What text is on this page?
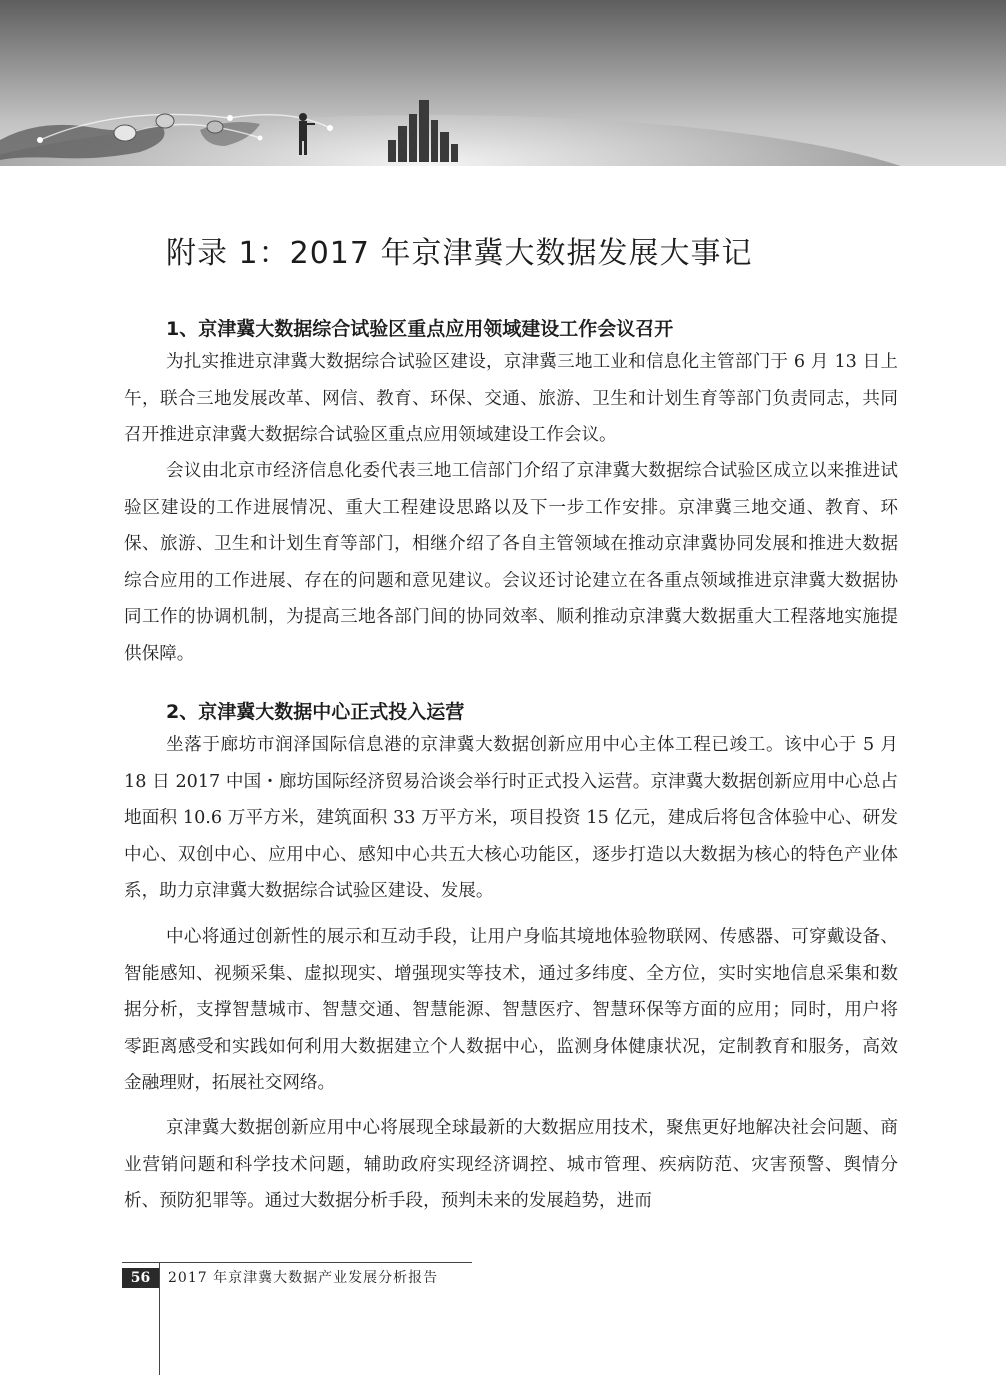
附录 1：2017 年京津冀大数据发展大事记
1、京津冀大数据综合试验区重点应用领域建设工作会议召开

为扎实推进京津冀大数据综合试验区建设，京津冀三地工业和信息化主管部门于 6 月 13 日上午，联合三地发展改革、网信、教育、环保、交通、旅游、卫生和计划生育等部门负责同志，共同召开推进京津冀大数据综合试验区重点应用领域建设工作会议。

会议由北京市经济信息化委代表三地工信部门介绍了京津冀大数据综合试验区成立以来推进试验区建设的工作进展情况、重大工程建设思路以及下一步工作安排。京津冀三地交通、教育、环保、旅游、卫生和计划生育等部门，相继介绍了各自主管领域在推动京津冀协同发展和推进大数据综合应用的工作进展、存在的问题和意见建议。会议还讨论建立在各重点领域推进京津冀大数据协同工作的协调机制，为提高三地各部门间的协同效率、顺利推动京津冀大数据重大工程落地实施提供保障。

2、京津冀大数据中心正式投入运营

坐落于廊坊市润泽国际信息港的京津冀大数据创新应用中心主体工程已竣工。该中心于 5 月 18 日 2017 中国・廊坊国际经济贸易洽谈会举行时正式投入运营。京津冀大数据创新应用中心总占地面积 10.6 万平方米，建筑面积 33 万平方米，项目投资 15 亿元，建成后将包含体验中心、研发中心、双创中心、应用中心、感知中心共五大核心功能区，逐步打造以大数据为核心的特色产业体系，助力京津冀大数据综合试验区建设、发展。

中心将通过创新性的展示和互动手段，让用户身临其境地体验物联网、传感器、可穿戴设备、智能感知、视频采集、虚拟现实、增强现实等技术，通过多纬度、全方位，实时实地信息采集和数据分析，支撑智慧城市、智慧交通、智慧能源、智慧医疗、智慧环保等方面的应用；同时，用户将零距离感受和实践如何利用大数据建立个人数据中心，监测身体健康状况，定制教育和服务，高效金融理财，拓展社交网络。

京津冀大数据创新应用中心将展现全球最新的大数据应用技术，聚焦更好地解决社会问题、商业营销问题和科学技术问题，辅助政府实现经济调控、城市管理、疾病防范、灾害预警、舆情分析、预防犯罪等。通过大数据分析手段，预判未来的发展趋势，进而

56	2017 年京津冀大数据产业发展分析报告
